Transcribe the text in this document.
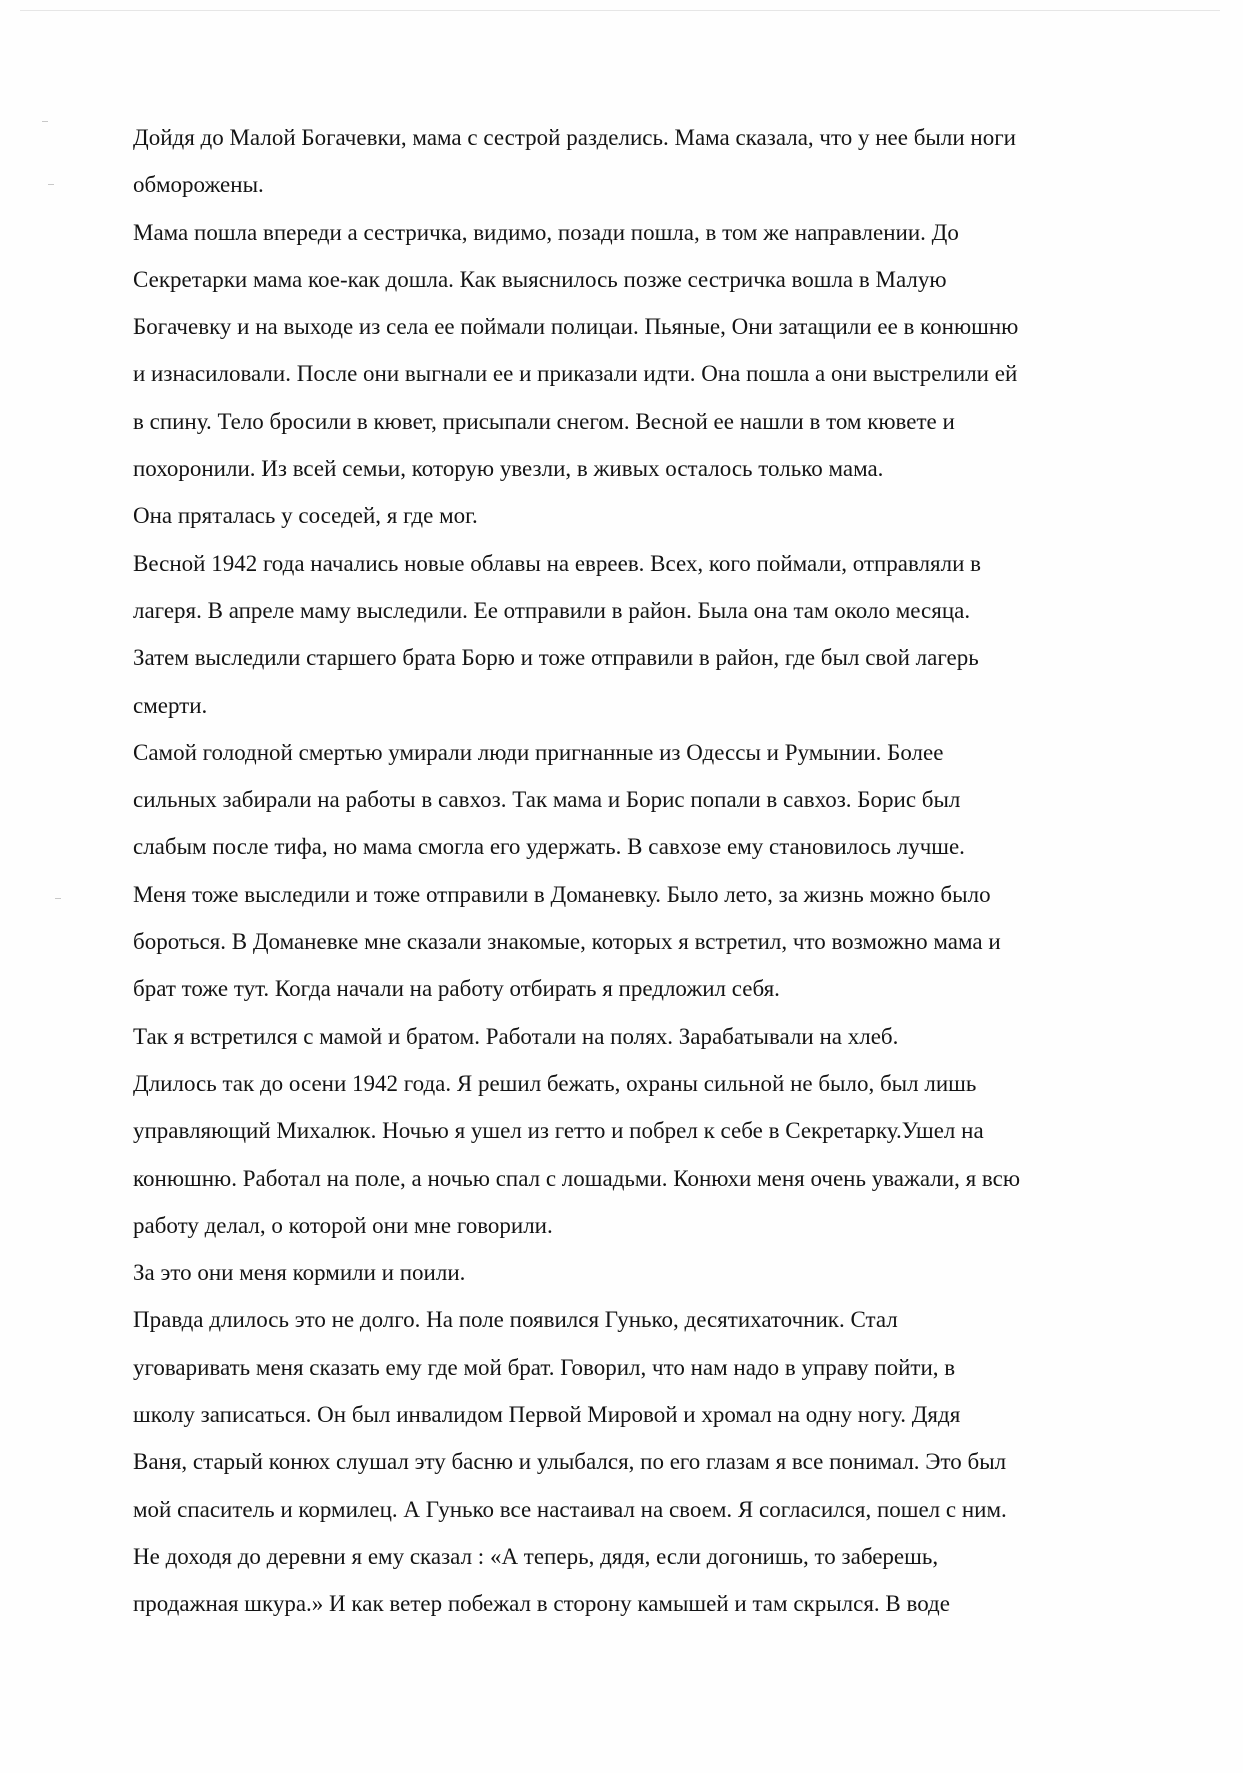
Дойдя до Малой Богачевки, мама с сестрой разделись. Мама сказала, что у нее были ноги

обморожены.

Мама пошла впереди а сестричка, видимо, позади пошла, в том же направлении. До

Секретарки мама кое-как дошла. Как выяснилось позже сестричка вошла в Малую

Богачевку и на выходе из села ее поймали полицаи. Пьяные, Они затащили ее в конюшню

и изнасиловали. После они выгнали ее и приказали идти. Она пошла а они выстрелили ей

в спину. Тело бросили в кювет, присыпали снегом. Весной ее нашли в том кювете и

похоронили. Из всей семьи, которую увезли, в живых осталось только мама.

Она пряталась у соседей, я где мог.

Весной 1942 года начались новые облавы на евреев. Всех, кого поймали, отправляли в

лагеря. В апреле маму выследили. Ее отправили в район. Была она там около месяца.

Затем выследили старшего брата Борю и тоже отправили в район, где был свой лагерь

смерти.

Самой голодной смертью умирали люди пригнанные из Одессы и Румынии. Более

сильных забирали на работы в савхоз. Так мама и Борис попали в савхоз. Борис был

слабым после тифа, но мама смогла его удержать. В савхозе ему становилось лучше.

Меня тоже выследили и тоже отправили в Доманевку. Было лето, за жизнь можно было

бороться. В Доманевке мне сказали знакомые, которых я встретил, что возможно мама и

брат тоже тут. Когда начали на работу отбирать я предложил себя.

Так я встретился с мамой и братом. Работали на полях. Зарабатывали на хлеб.

Длилось так до осени 1942 года. Я решил бежать, охраны сильной не было, был лишь

управляющий Михалюк. Ночью я ушел из гетто и побрел к себе в Секретарку.Ушел на

конюшню. Работал на поле, а ночью спал с лошадьми. Конюхи меня очень уважали, я всю

работу делал, о которой они мне говорили.

За это они меня кормили и поили.

Правда длилось это не долго. На поле появился Гунько, десятихаточник. Стал

уговаривать меня сказать ему где мой брат. Говорил, что нам надо в управу пойти, в

школу записаться. Он был инвалидом Первой Мировой и хромал на одну ногу. Дядя

Ваня, старый конюх слушал эту басню и улыбался, по его глазам я все понимал. Это был

мой спаситель и кормилец. А Гунько все настаивал на своем. Я согласился, пошел с ним.

Не доходя до деревни я ему сказал : «А теперь, дядя, если догонишь, то заберешь,

продажная шкура.» И как ветер побежал в сторону камышей и там скрылся. В воде
